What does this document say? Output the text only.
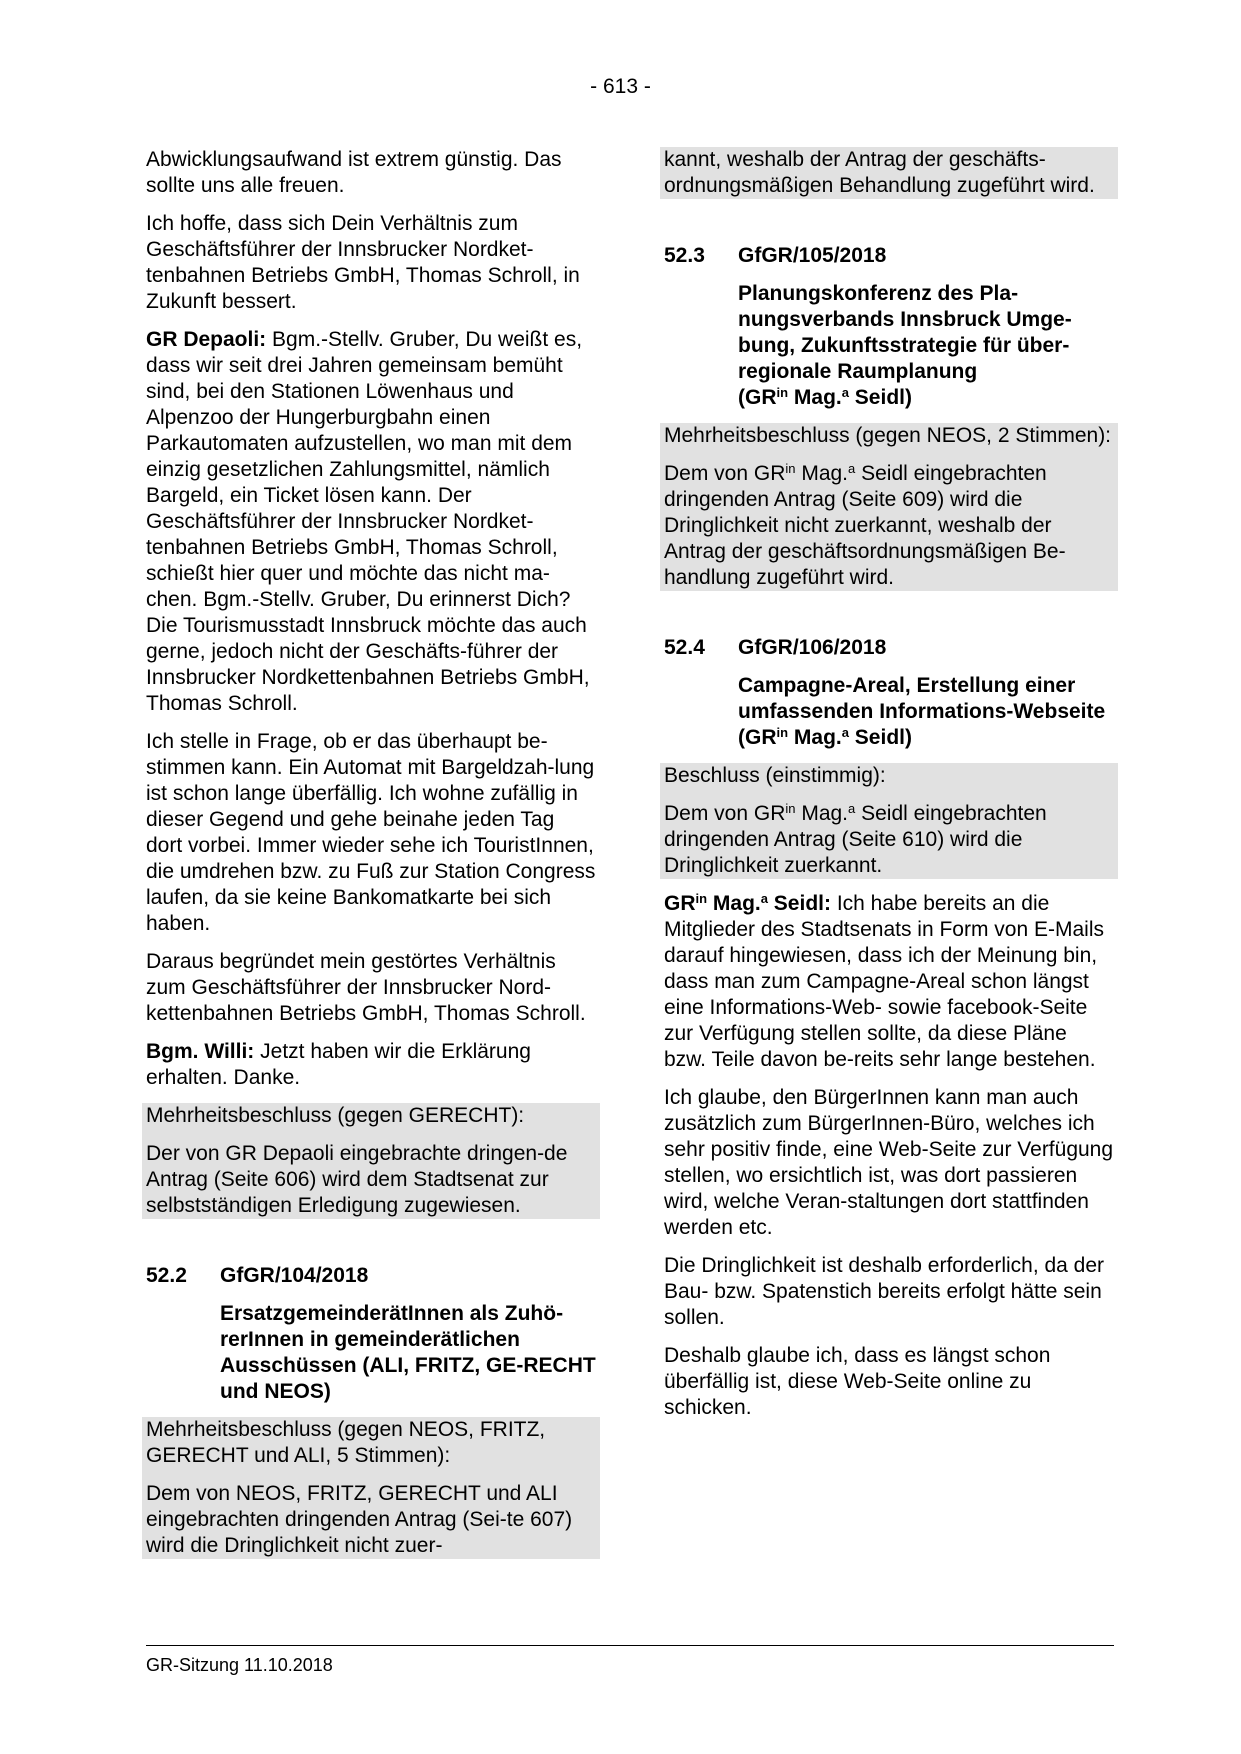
- 613 -

Abwicklungsaufwand ist extrem günstig. Das sollte uns alle freuen.

Ich hoffe, dass sich Dein Verhältnis zum Geschäftsführer der Innsbrucker Nordket-tenbahnen Betriebs GmbH, Thomas Schroll, in Zukunft bessert.

GR Depaoli: Bgm.-Stellv. Gruber, Du weißt es, dass wir seit drei Jahren gemeinsam bemüht sind, bei den Stationen Löwenhaus und Alpenzoo der Hungerburgbahn einen Parkautomaten aufzustellen, wo man mit dem einzig gesetzlichen Zahlungsmittel, nämlich Bargeld, ein Ticket lösen kann. Der Geschäftsführer der Innsbrucker Nordket-tenbahnen Betriebs GmbH, Thomas Schroll, schießt hier quer und möchte das nicht ma-chen. Bgm.-Stellv. Gruber, Du erinnerst Dich? Die Tourismusstadt Innsbruck möchte das auch gerne, jedoch nicht der Geschäfts-führer der Innsbrucker Nordkettenbahnen Betriebs GmbH, Thomas Schroll.

Ich stelle in Frage, ob er das überhaupt be-stimmen kann. Ein Automat mit Bargeldzah-lung ist schon lange überfällig. Ich wohne zufällig in dieser Gegend und gehe beinahe jeden Tag dort vorbei. Immer wieder sehe ich TouristInnen, die umdrehen bzw. zu Fuß zur Station Congress laufen, da sie keine Bankomatkarte bei sich haben.

Daraus begründet mein gestörtes Verhältnis zum Geschäftsführer der Innsbrucker Nord-kettenbahnen Betriebs GmbH, Thomas Schroll.

Bgm. Willi: Jetzt haben wir die Erklärung erhalten. Danke.

Mehrheitsbeschluss (gegen GERECHT):

Der von GR Depaoli eingebrachte dringen-de Antrag (Seite 606) wird dem Stadtsenat zur selbstständigen Erledigung zugewiesen.

52.2	GfGR/104/2018
ErsatzgemeinderätInnen als Zuhö-rerInnen in gemeinderätlichen Ausschüssen (ALI, FRITZ, GE-RECHT und NEOS)

Mehrheitsbeschluss (gegen NEOS, FRITZ, GERECHT und ALI, 5 Stimmen):

Dem von NEOS, FRITZ, GERECHT und ALI eingebrachten dringenden Antrag (Sei-te 607) wird die Dringlichkeit nicht zuer-

kannt, weshalb der Antrag der geschäfts-ordnungsmäßigen Behandlung zugeführt wird.

52.3	GfGR/105/2018
Planungskonferenz des Pla-nungsverbands Innsbruck Umge-bung, Zukunftsstrategie für über-regionale Raumplanung
($GR^{in}$ Mag.$^a$ Seidl)

Mehrheitsbeschluss (gegen NEOS, 2 Stimmen):

Dem von $GR^{in}$ Mag.$^a$ Seidl eingebrachten dringenden Antrag (Seite 609) wird die Dringlichkeit nicht zuerkannt, weshalb der Antrag der geschäftsordnungsmäßigen Be-handlung zugeführt wird.

52.4	GfGR/106/2018
Campagne-Areal, Erstellung einer umfassenden Informations-Webseite ($GR^{in}$ Mag.$^a$ Seidl)

Beschluss (einstimmig):

Dem von $GR^{in}$ Mag.$^a$ Seidl eingebrachten dringenden Antrag (Seite 610) wird die Dringlichkeit zuerkannt.

$GR^{in}$ Mag.$^a$ Seidl: Ich habe bereits an die Mitglieder des Stadtsenats in Form von E-Mails darauf hingewiesen, dass ich der Meinung bin, dass man zum Campagne-Areal schon längst eine Informations-Web- sowie facebook-Seite zur Verfügung stellen sollte, da diese Pläne bzw. Teile davon be-reits sehr lange bestehen.

Ich glaube, den BürgerInnen kann man auch zusätzlich zum BürgerInnen-Büro, welches ich sehr positiv finde, eine Web-Seite zur Verfügung stellen, wo ersichtlich ist, was dort passieren wird, welche Veran-staltungen dort stattfinden werden etc.

Die Dringlichkeit ist deshalb erforderlich, da der Bau- bzw. Spatenstich bereits erfolgt hätte sein sollen.

Deshalb glaube ich, dass es längst schon überfällig ist, diese Web-Seite online zu schicken.

GR-Sitzung 11.10.2018
